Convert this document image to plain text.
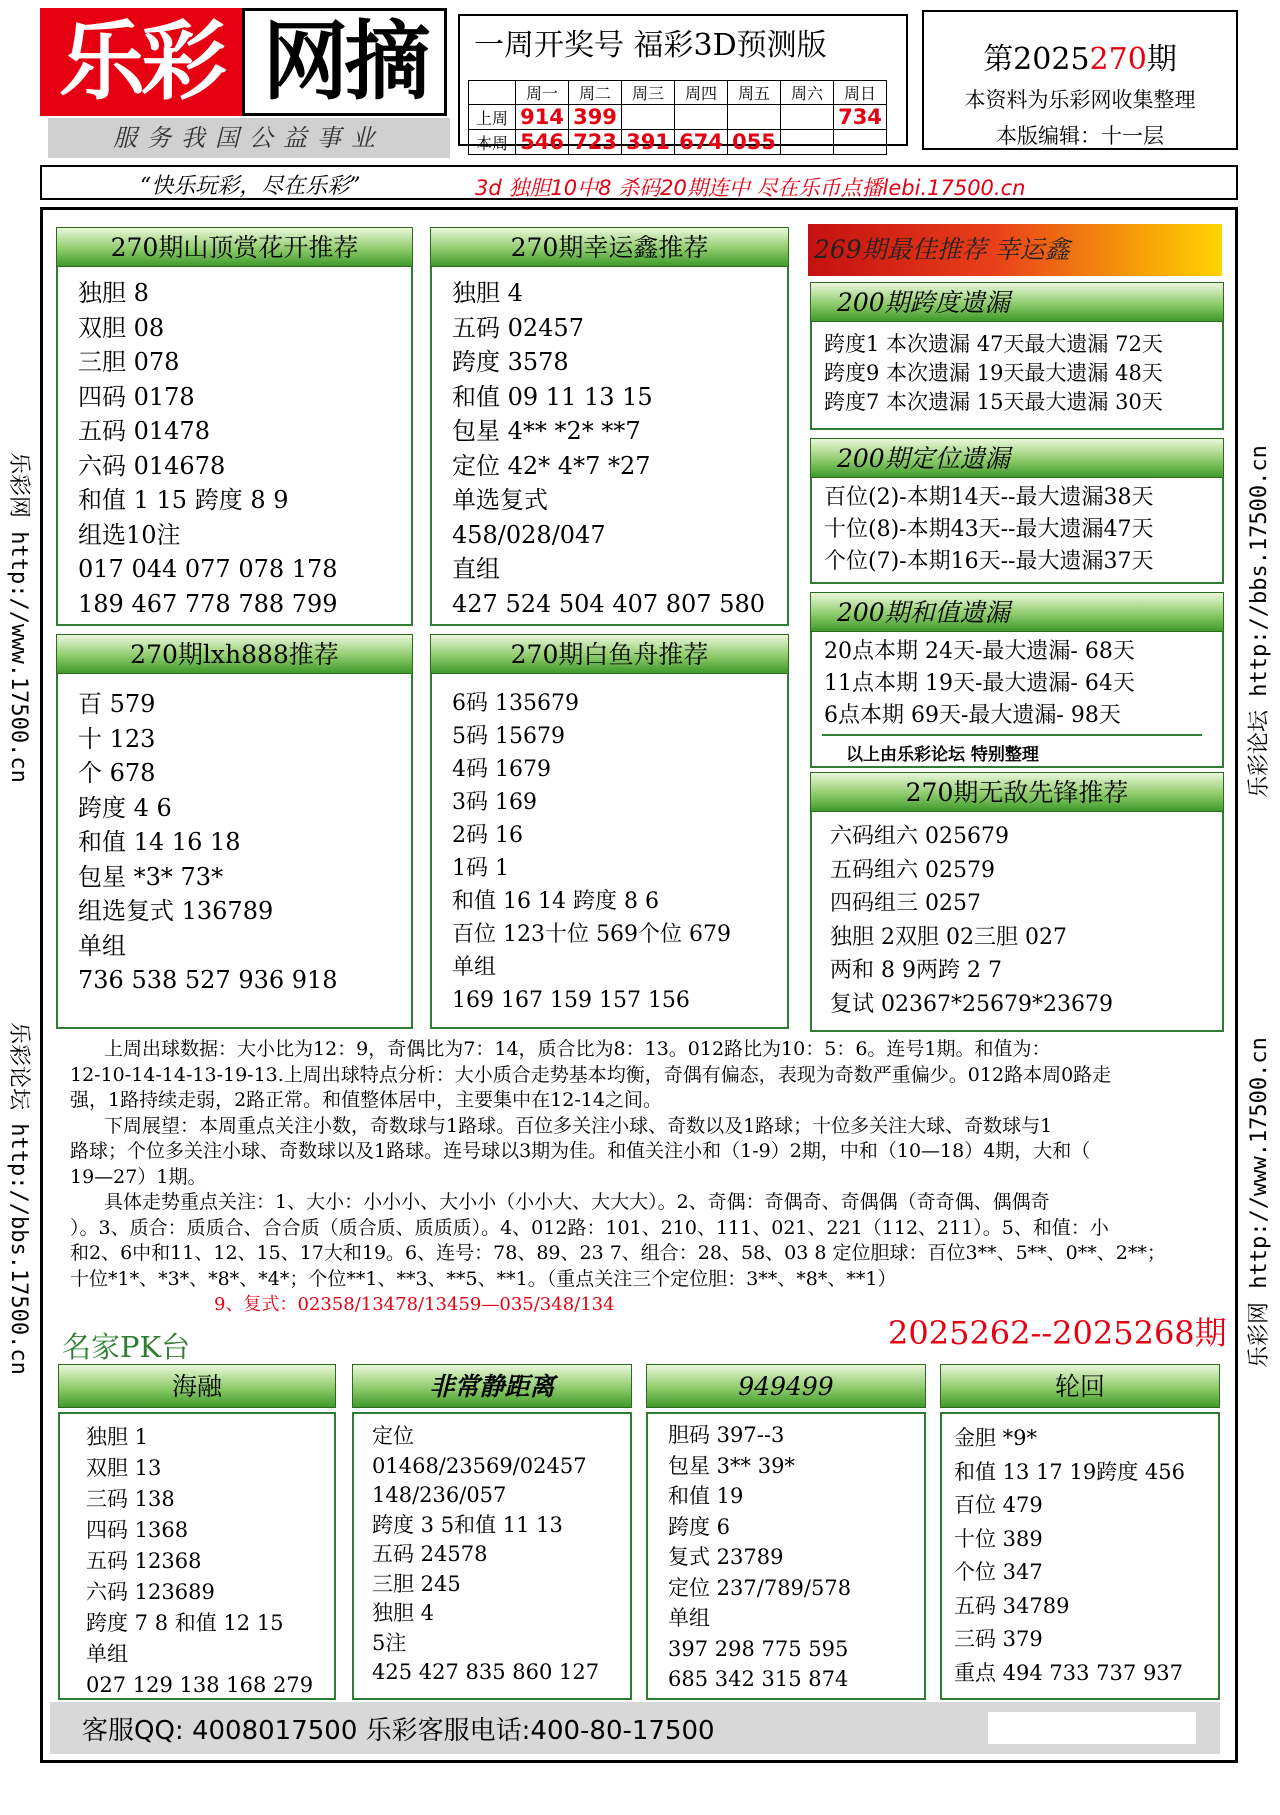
乐彩 网摘
服务我国公益事业
一周开奖号 福彩3D预测版
	周一	周二	周三	周四	周五	周六	周日
上周	914	399					734
本周	546	723	391	674	055		
第2025270期
本资料为乐彩网收集整理
本版编辑：十一层
“快乐玩彩，尽在乐彩”	3d 独胆10中8 杀码20期连中 尽在乐币点播lebi.17500.cn
乐彩网 http://www.17500.cn
乐彩论坛 http://bbs.17500.cn
乐彩论坛 http://bbs.17500.cn
乐彩网 http://www.17500.cn
独胆 8
双胆 08
三胆 078
四码 0178
五码 01478
六码 014678
和值 1 15 跨度 8 9
组选10注
017 044 077 078 178
189 467 778 788 799
270期山顶赏花开推荐
独胆 4
五码 02457
跨度 3578
和值 09 11 13 15
包星 4** *2* **7
定位 42* 4*7 *27
单选复式
458/028/047
直组
427 524 504 407 807 580
270期幸运鑫推荐
百 579
十 123
个 678
跨度 4 6
和值 14 16 18
包星 *3* 73*
组选复式 136789
单组
736 538 527 936 918
270期lxh888推荐
6码 135679
5码 15679
4码 1679
3码 169
2码 16
1码 1
和值 16 14 跨度 8 6
百位 123十位 569个位 679
单组
169 167 159 157 156
270期白鱼舟推荐
269期最佳推荐 幸运鑫
跨度1 本次遗漏 47天最大遗漏 72天
跨度9 本次遗漏 19天最大遗漏 48天
跨度7 本次遗漏 15天最大遗漏 30天
200期跨度遗漏
百位(2)-本期14天--最大遗漏38天
十位(8)-本期43天--最大遗漏47天
个位(7)-本期16天--最大遗漏37天
200期定位遗漏
20点本期 24天-最大遗漏- 68天
11点本期 19天-最大遗漏- 64天
6点本期 69天-最大遗漏- 98天
以上由乐彩论坛 特别整理
200期和值遗漏
六码组六 025679
五码组六 02579
四码组三 0257
独胆 2双胆 02三胆 027
两和 8 9两跨 2 7
复试 02367*25679*23679
270期无敌先锋推荐
上周出球数据：大小比为12：9，奇偶比为7：14，质合比为8：13。012路比为10：5：6。连号1期。和值为：
12-10-14-14-13-19-13.上周出球特点分析：大小质合走势基本均衡，奇偶有偏态，表现为奇数严重偏少。012路本周0路走
强，1路持续走弱，2路正常。和值整体居中，主要集中在12-14之间。
下周展望：本周重点关注小数，奇数球与1路球。百位多关注小球、奇数以及1路球；十位多关注大球、奇数球与1
路球；个位多关注小球、奇数球以及1路球。连号球以3期为佳。和值关注小和（1-9）2期，中和（10—18）4期，大和（
19—27）1期。
具体走势重点关注：1、大小：小小小、大小小（小小大、大大大）。2、奇偶：奇偶奇、奇偶偶（奇奇偶、偶偶奇
）。3、质合：质质合、合合质（质合质、质质质）。4、012路：101、210、111、021、221（112、211）。5、和值：小
和2、6中和11、12、15、17大和19。6、连号：78、89、23 7、组合：28、58、03 8 定位胆球：百位3**、5**、0**、2**；
十位*1*、*3*、*8*、*4*；个位**1、**3、**5、**1。（重点关注三个定位胆：3**、*8*、**1）
9、复式：02358/13478/13459—035/348/134
名家PK台	2025262--2025268期
独胆 1
双胆 13
三码 138
四码 1368
五码 12368
六码 123689
跨度 7 8 和值 12 15
单组
027 129 138 168 279
海融
定位
01468/23569/02457
148/236/057
跨度 3 5和值 11 13
五码 24578
三胆 245
独胆 4
5注
425 427 835 860 127
非常静距离
胆码 397--3
包星 3** 39*
和值 19
跨度 6
复式 23789
定位 237/789/578
单组
397 298 775 595
685 342 315 874
949499
金胆 *9*
和值 13 17 19跨度 456
百位 479
十位 389
个位 347
五码 34789
三码 379
重点 494 733 737 937
轮回
客服QQ: 4008017500 乐彩客服电话:400-80-17500
